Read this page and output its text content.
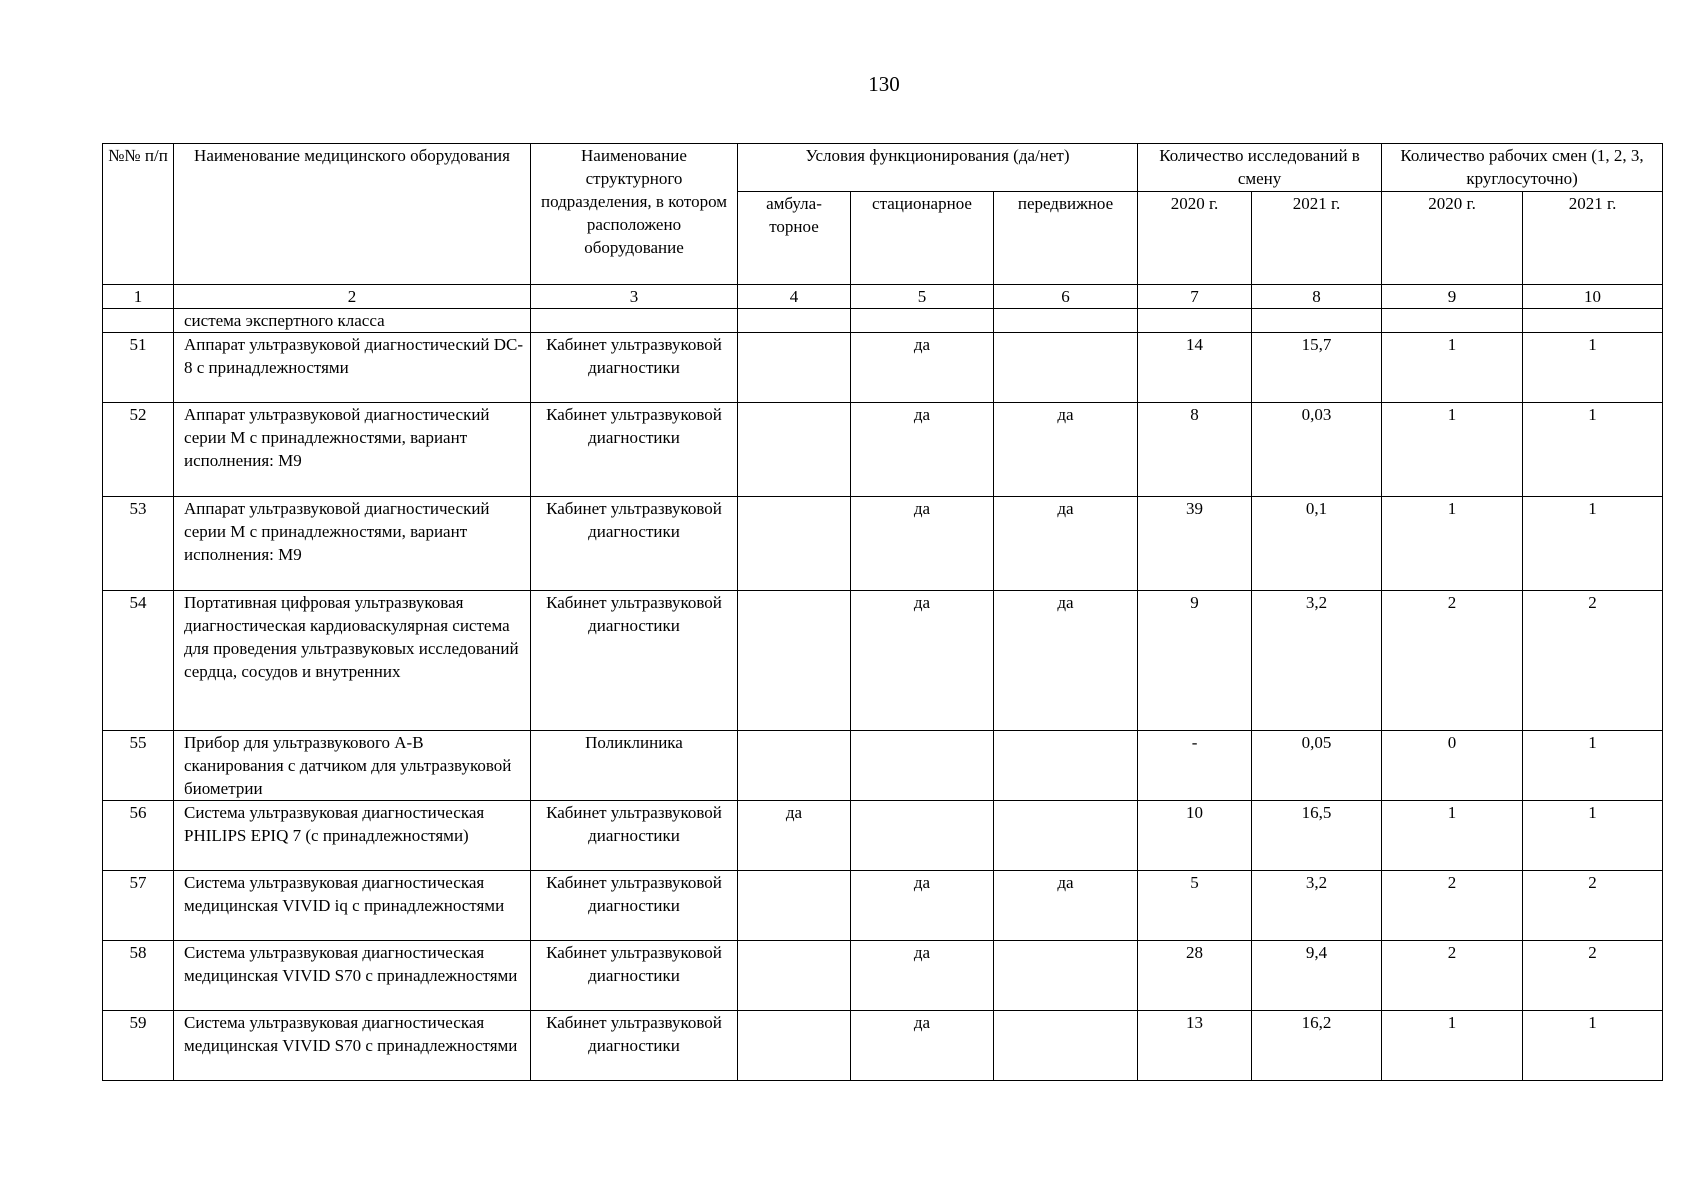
130
№№ п/п	Наименование медицинского оборудования	Наименование структурного подразделения, в котором расположено оборудование	Условия функционирования (да/нет)			Количество исследований в смену		Количество рабочих смен (1, 2, 3, круглосуточно)	
			амбула-торное	стационарное	передвижное	2020 г.	2021 г.	2020 г.	2021 г.
1	2	3	4	5	6	7	8	9	10
	система экспертного класса								
51	Аппарат ультразвуковой диагностический DC-8 с принадлежностями	Кабинет ультразвуковой диагностики		да		14	15,7	1	1
52	Аппарат ультразвуковой диагностический серии М с принадлежностями, вариант исполнения: М9	Кабинет ультразвуковой диагностики		да	да	8	0,03	1	1
53	Аппарат ультразвуковой диагностический серии М с принадлежностями, вариант исполнения: М9	Кабинет ультразвуковой диагностики		да	да	39	0,1	1	1
54	Портативная цифровая ультразвуковая диагностическая кардиоваскулярная система для проведения ультразвуковых исследований сердца, сосудов и внутренних	Кабинет ультразвуковой диагностики		да	да	9	3,2	2	2
55	Прибор для ультразвукового А-В сканирования с датчиком для ультразвуковой биометрии	Поликлиника				-	0,05	0	1
56	Система ультразвуковая диагностическая PHILIPS EPIQ 7 (с принадлежностями)	Кабинет ультразвуковой диагностики	да			10	16,5	1	1
57	Система ультразвуковая диагностическая медицинская VIVID iq с принадлежностями	Кабинет ультразвуковой диагностики		да	да	5	3,2	2	2
58	Система ультразвуковая диагностическая медицинская VIVID S70 с принадлежностями	Кабинет ультразвуковой диагностики		да		28	9,4	2	2
59	Система ультразвуковая диагностическая медицинская VIVID S70 с принадлежностями	Кабинет ультразвуковой диагностики		да		13	16,2	1	1
